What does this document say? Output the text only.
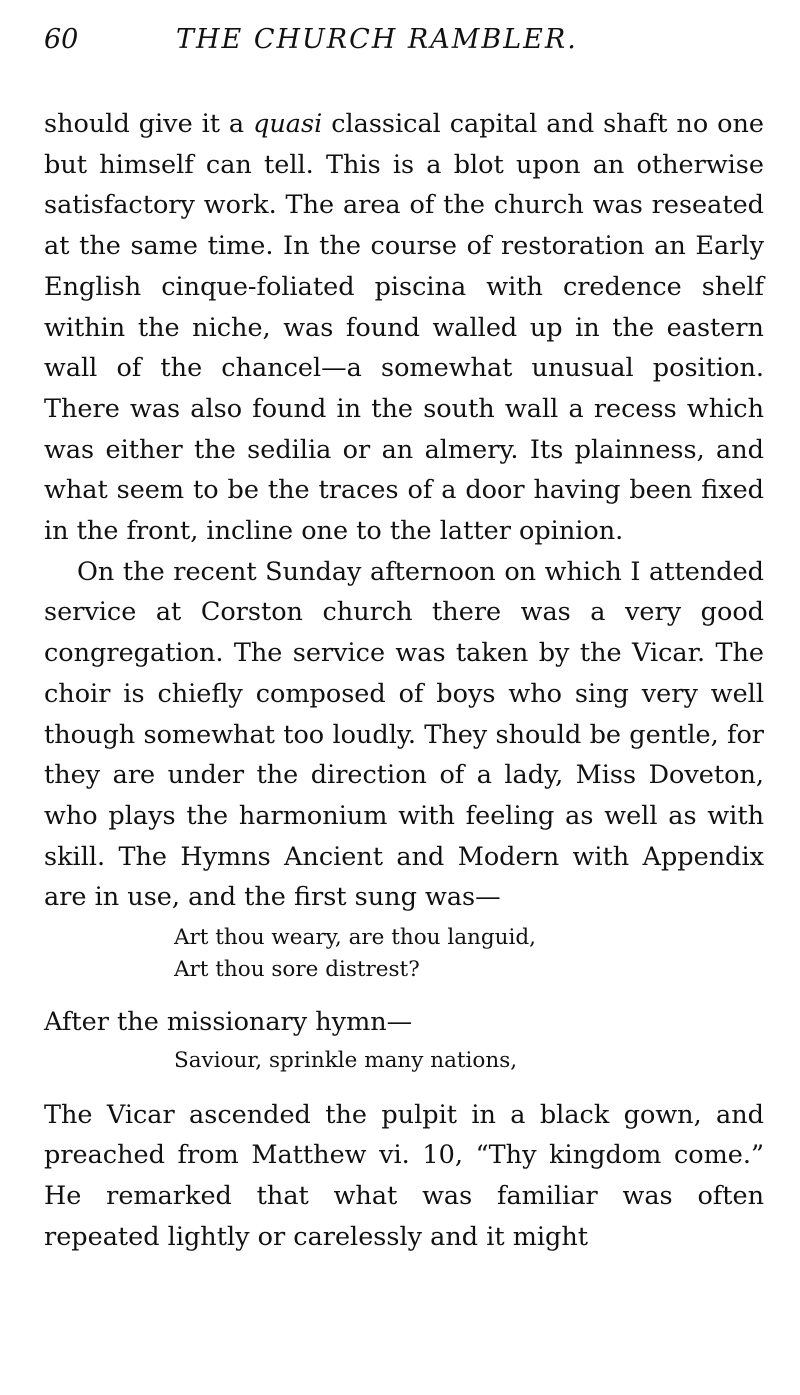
60	THE CHURCH RAMBLER.

should give it a quasi classical capital and shaft no one but himself can tell. This is a blot upon an otherwise satisfactory work. The area of the church was reseated at the same time. In the course of restoration an Early English cinque-foliated piscina with credence shelf within the niche, was found walled up in the eastern wall of the chancel—a somewhat unusual position. There was also found in the south wall a recess which was either the sedilia or an almery. Its plainness, and what seem to be the traces of a door having been fixed in the front, incline one to the latter opinion.

On the recent Sunday afternoon on which I attended service at Corston church there was a very good congregation. The service was taken by the Vicar. The choir is chiefly composed of boys who sing very well though somewhat too loudly. They should be gentle, for they are under the direction of a lady, Miss Doveton, who plays the harmonium with feeling as well as with skill. The Hymns Ancient and Modern with Appendix are in use, and the first sung was—

Art thou weary, are thou languid,
Art thou sore distrest?
After the missionary hymn—
Saviour, sprinkle many nations,

The Vicar ascended the pulpit in a black gown, and preached from Matthew vi. 10, “Thy kingdom come.” He remarked that what was familiar was often repeated lightly or carelessly and it might
